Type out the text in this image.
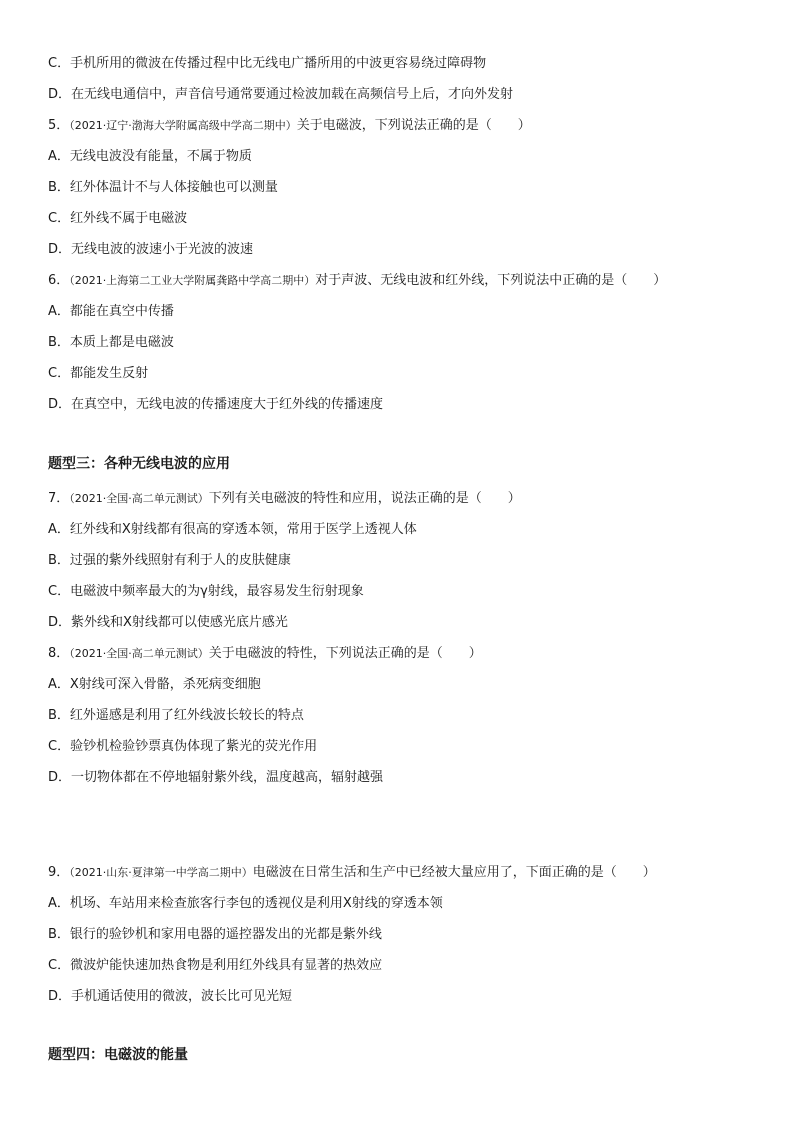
C．手机所用的微波在传播过程中比无线电广播所用的中波更容易绕过障碍物
D．在无线电通信中，声音信号通常要通过检波加载在高频信号上后，才向外发射
5．（2021·辽宁·渤海大学附属高级中学高二期中）关于电磁波，下列说法正确的是（　　）
A．无线电波没有能量，不属于物质
B．红外体温计不与人体接触也可以测量
C．红外线不属于电磁波
D．无线电波的波速小于光波的波速
6．（2021·上海第二工业大学附属龚路中学高二期中）对于声波、无线电波和红外线，下列说法中正确的是（　　）
A．都能在真空中传播
B．本质上都是电磁波
C．都能发生反射
D．在真空中，无线电波的传播速度大于红外线的传播速度
题型三：各种无线电波的应用
7．（2021·全国·高二单元测试）下列有关电磁波的特性和应用，说法正确的是（　　）
A．红外线和X射线都有很高的穿透本领，常用于医学上透视人体
B．过强的紫外线照射有利于人的皮肤健康
C．电磁波中频率最大的为γ射线，最容易发生衍射现象
D．紫外线和X射线都可以使感光底片感光
8．（2021·全国·高二单元测试）关于电磁波的特性，下列说法正确的是（　　）
A．X射线可深入骨骼，杀死病变细胞
B．红外遥感是利用了红外线波长较长的特点
C．验钞机检验钞票真伪体现了紫光的荧光作用
D．一切物体都在不停地辐射紫外线，温度越高，辐射越强
9．（2021·山东·夏津第一中学高二期中）电磁波在日常生活和生产中已经被大量应用了，下面正确的是（　　）
A．机场、车站用来检查旅客行李包的透视仪是利用X射线的穿透本领
B．银行的验钞机和家用电器的遥控器发出的光都是紫外线
C．微波炉能快速加热食物是利用红外线具有显著的热效应
D．手机通话使用的微波，波长比可见光短
题型四：电磁波的能量
